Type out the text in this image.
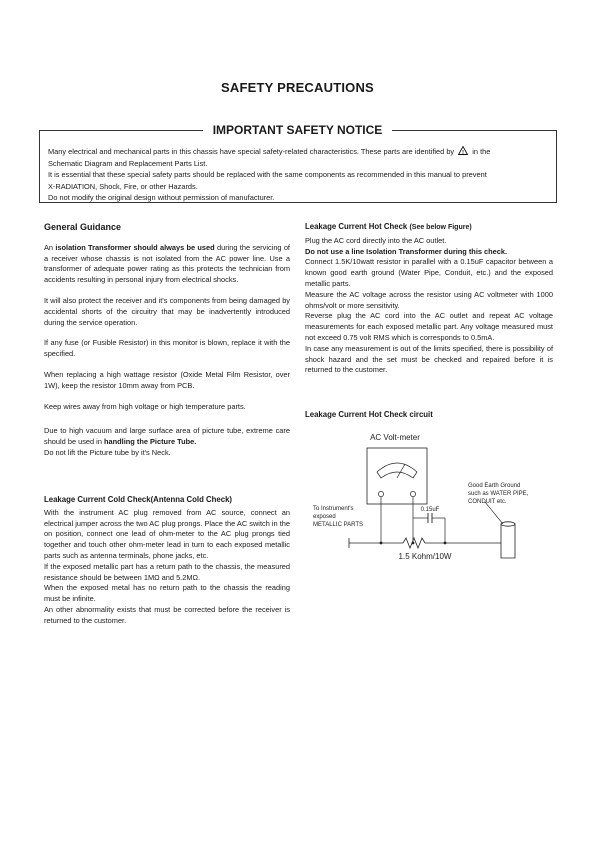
SAFETY PRECAUTIONS
IMPORTANT SAFETY NOTICE

Many electrical and mechanical parts in this chassis have special safety-related characteristics. These parts are identified by ! in the

Schematic Diagram and Replacement Parts List.

It is essential that these special safety parts should be replaced with the same components as recommended in this manual to prevent

X-RADIATION, Shock, Fire, or other Hazards.

Do not modify the original design without permission of manufacturer.

General Guidance

An isolation Transformer should always be used during the servicing of a receiver whose chassis is not isolated from the AC power line. Use a transformer of adequate power rating as this protects the technician from accidents resulting in personal injury from electrical shocks.

It will also protect the receiver and it's components from being damaged by accidental shorts of the circuitry that may be inadvertently introduced during the service operation.

If any fuse (or Fusible Resistor) in this monitor is blown, replace it with the specified.

When replacing a high wattage resistor (Oxide Metal Film Resistor, over 1W), keep the resistor 10mm away from PCB.

Keep wires away from high voltage or high temperature parts.

Due to high vacuum and large surface area of picture tube, extreme care should be used in handling the Picture Tube.
Do not lift the Picture tube by it's Neck.

Leakage Current Cold Check(Antenna Cold Check)

With the instrument AC plug removed from AC source, connect an electrical jumper across the two AC plug prongs. Place the AC switch in the on position, connect one lead of ohm-meter to the AC plug prongs tied together and touch other ohm-meter lead in turn to each exposed metallic parts such as antenna terminals, phone jacks, etc.

If the exposed metallic part has a return path to the chassis, the measured resistance should be between 1MΩ and 5.2MΩ.

When the exposed metal has no return path to the chassis the reading must be infinite.

An other abnormality exists that must be corrected before the receiver is returned to the customer.

Leakage Current Hot Check (See below Figure)

Plug the AC cord directly into the AC outlet.

Do not use a line Isolation Transformer during this check.

Connect 1.5K/10watt resistor in parallel with a 0.15uF capacitor between a known good earth ground (Water Pipe, Conduit, etc.) and the exposed metallic parts.

Measure the AC voltage across the resistor using AC voltmeter with 1000 ohms/volt or more sensitivity.

Reverse plug the AC cord into the AC outlet and repeat AC voltage measurements for each exposed metallic part. Any voltage measured must not exceed 0.75 volt RMS which is corresponds to 0.5mA.

In case any measurement is out of the limits specified, there is possibility of shock hazard and the set must be checked and repaired before it is returned to the customer.

Leakage Current Hot Check circuit
AC Volt-meter
0.15uF
1.5 Kohm/10W
To Instrument's
exposed
METALLIC PARTS
Good Earth Ground
such as WATER PIPE,
CONDUIT etc.
